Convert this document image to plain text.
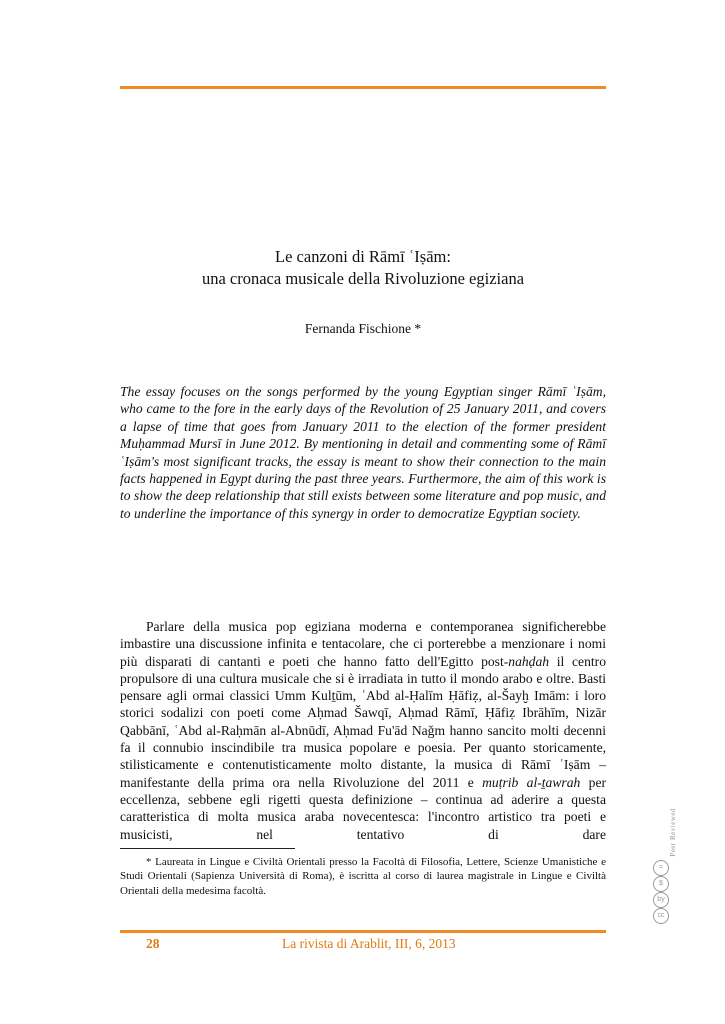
Le canzoni di Rāmī ʿIṣām:
una cronaca musicale della Rivoluzione egiziana
Fernanda Fischione *
The essay focuses on the songs performed by the young Egyptian singer Rāmī ʿIṣām, who came to the fore in the early days of the Revolution of 25 January 2011, and covers a lapse of time that goes from January 2011 to the election of the former president Muḥammad Mursī in June 2012. By mentioning in detail and commenting some of Rāmī ʿIṣām's most significant tracks, the essay is meant to show their connection to the main facts happened in Egypt during the past three years. Furthermore, the aim of this work is to show the deep relationship that still exists between some literature and pop music, and to underline the importance of this synergy in order to democratize Egyptian society.

Parlare della musica pop egiziana moderna e contemporanea significherebbe imbastire una discussione infinita e tentacolare, che ci porterebbe a menzionare i nomi più disparati di cantanti e poeti che hanno fatto dell'Egitto post-nahḍah il centro propulsore di una cultura musicale che si è irradiata in tutto il mondo arabo e oltre. Basti pensare agli ormai classici Umm Kulṯūm, ʿAbd al-Ḥalīm Ḥāfiẓ, al-Šayḫ Imām: i loro storici sodalizi con poeti come Aḥmad Šawqī, Aḥmad Rāmī, Ḥāfiẓ Ibrāhīm, Nizār Qabbānī, ʿAbd al-Raḥmān al-Abnūdī, Aḥmad Fu'ād Naǧm hanno sancito molti decenni fa il connubio inscindibile tra musica popolare e poesia. Per quanto storicamente, stilisticamente e contenutisticamente molto distante, la musica di Rāmī ʿIṣām – manifestante della prima ora nella Rivoluzione del 2011 e muṭrib al-ṯawrah per eccellenza, sebbene egli rigetti questa definizione – continua ad aderire a questa caratteristica di molta musica araba novecentesca: l'incontro artistico tra poeti e musicisti, nel tentativo di dare

* Laureata in Lingue e Civiltà Orientali presso la Facoltà di Filosofia, Lettere, Scienze Umanistiche e Studi Orientali (Sapienza Università di Roma), è iscritta al corso di laurea magistrale in Lingue e Civiltà Orientali della medesima facoltà.
Peer Reviewed
=
$
by
cc
28	La rivista di Arablit, III, 6, 2013
